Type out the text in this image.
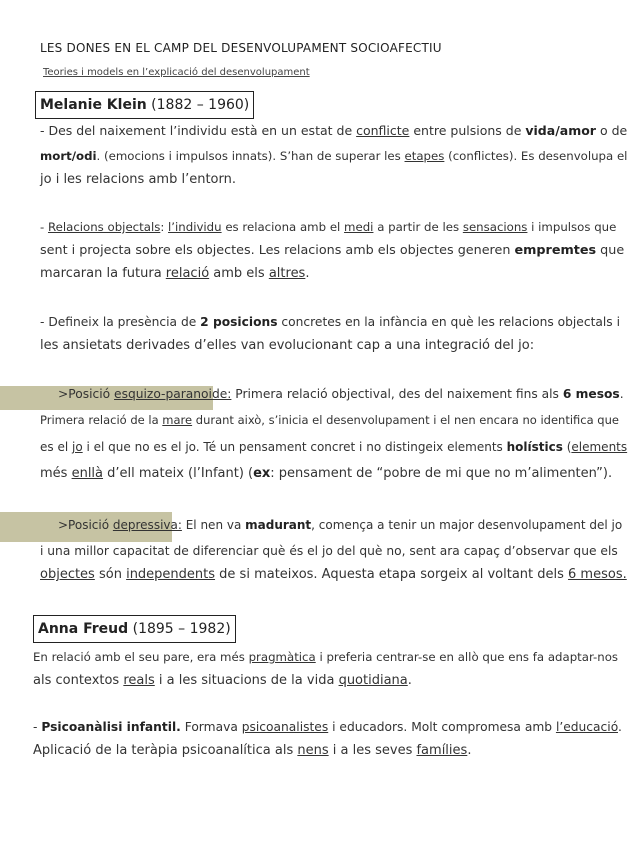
LES DONES EN EL CAMP DEL DESENVOLUPAMENT SOCIOAFECTIU
Teories i models en l’explicació del desenvolupament
Melanie Klein (1882 – 1960)
- Des del naixement l’individu està en un estat de conflicte entre pulsions de vida/amor o de
mort/odi. (emocions i impulsos innats). S’han de superar les etapes (conflictes). Es desenvolupa el
jo i les relacions amb l’entorn.
- Relacions objectals: l’individu es relaciona amb el medi a partir de les sensacions i impulsos que
sent i projecta sobre els objectes. Les relacions amb els objectes generen empremtes que
marcaran la futura relació amb els altres.
- Defineix la presència de 2 posicions concretes en la infància en què les relacions objectals i
les ansietats derivades d’elles van evolucionant cap a una integració del jo:
>Posició esquizo-paranoide: Primera relació objectival, des del naixement fins als 6 mesos.
Primera relació de la mare durant això, s’inicia el desenvolupament i el nen encara no identifica que
es el jo i el que no es el jo. Té un pensament concret i no distingeix elements holístics (elements
més enllà d’ell mateix (l’Infant) (ex: pensament de “pobre de mi que no m’alimenten”).
>Posició depressiva: El nen va madurant, comença a tenir un major desenvolupament del jo
i una millor capacitat de diferenciar què és el jo del què no, sent ara capaç d’observar que els
objectes són independents de si mateixos. Aquesta etapa sorgeix al voltant dels 6 mesos.
Anna Freud (1895 – 1982)
En relació amb el seu pare, era més pragmàtica i preferia centrar-se en allò que ens fa adaptar-nos
als contextos reals i a les situacions de la vida quotidiana.
- Psicoanàlisi infantil. Formava psicoanalistes i educadors. Molt compromesa amb l’educació.
Aplicació de la teràpia psicoanalítica als nens i a les seves famílies.
